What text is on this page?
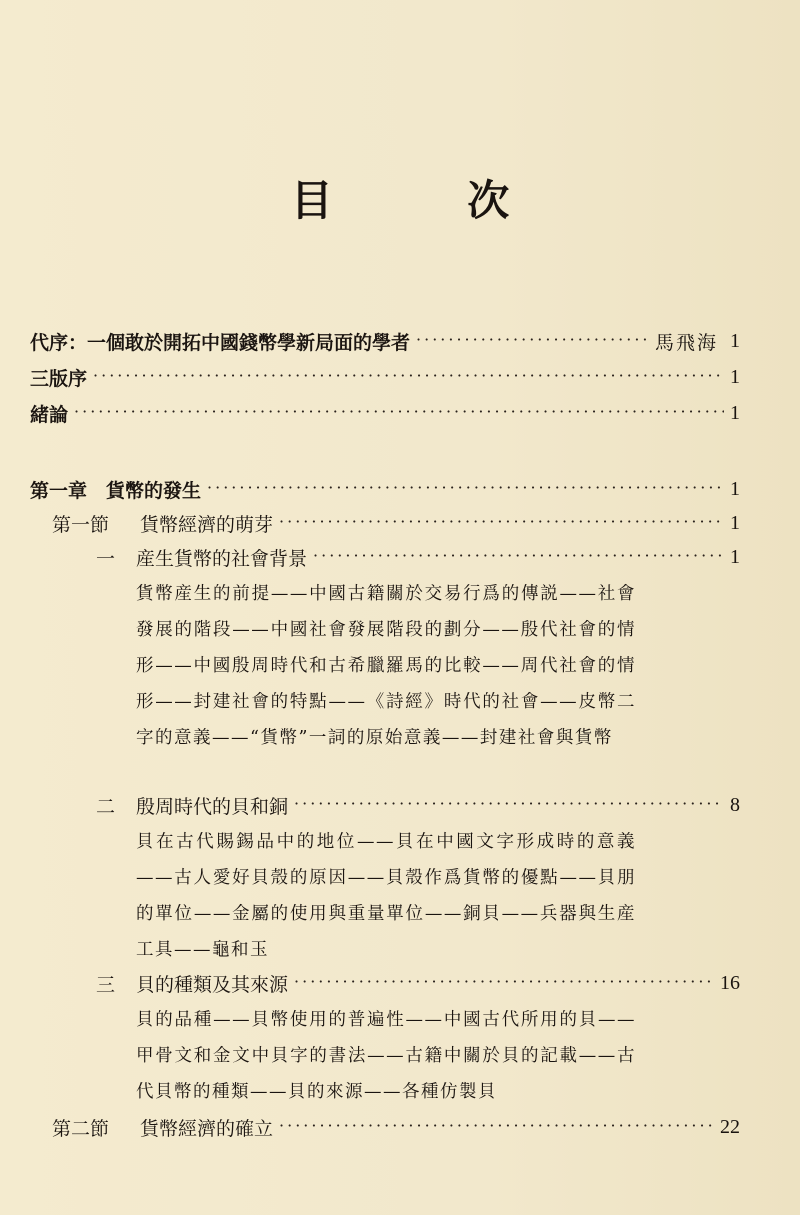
目 次
代序：一個敢於開拓中國錢幣學新局面的學者 ·····	馬飛海 1
三版序 ·····	1
緒論 ·····	1
第一章　貨幣的發生 ·····	1
第一節 貨幣經濟的萌芽 ·····	1
一 産生貨幣的社會背景 ·····	1
貨幣産生的前提——中國古籍關於交易行爲的傳説——社會發展的階段——中國社會發展階段的劃分——殷代社會的情形——中國殷周時代和古希臘羅馬的比較——周代社會的情形——封建社會的特點——《詩經》時代的社會——皮幣二字的意義——“貨幣”一詞的原始意義——封建社會與貨幣
二 殷周時代的貝和銅 ·····	8
貝在古代賜錫品中的地位——貝在中國文字形成時的意義——古人愛好貝殼的原因——貝殼作爲貨幣的優點——貝朋的單位——金屬的使用與重量單位——銅貝——兵器與生産工具——龜和玉
三 貝的種類及其來源 ·····	16
貝的品種——貝幣使用的普遍性——中國古代所用的貝——甲骨文和金文中貝字的書法——古籍中關於貝的記載——古代貝幣的種類——貝的來源——各種仿製貝
第二節 貨幣經濟的確立 ·····	22
